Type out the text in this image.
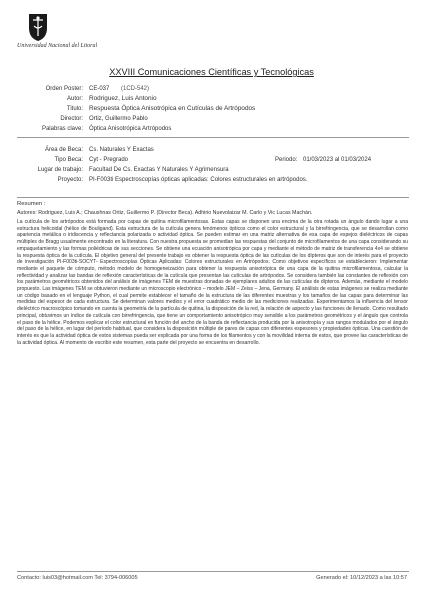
Universidad Nacional del Litoral
XXVIII Comunicaciones Científicas y Tecnológicas
Orden Poster: CE-037 (1CD-542)
Autor: Rodriguez, Luis Antonio
Titulo: Respuesta Óptica Anisotrópica en Cutículas de Artrópodos
Director: Ortiz, Guillermo Pablo
Palabras clave: Óptica Anisotrópica Artrópodos
Área de Beca: Cs. Naturales Y Exactas
Tipo Beca: Cyt - Pregrado	Periodo: 01/03/2023 al 01/03/2024
Lugar de trabajo: Facultad De Cs. Exactas Y Naturales Y Agrimensura
Proyecto: PI-F003ti Espectroscopías ópticas aplicadas: Colores estructurales en artrópodos.
Resumen :
Autores: Rodriguez, Luis A.; Chaushnas Ortiz, Guillermo P. (Director Beca). Adhirio Nuevolaizar M. Carlo y Vic Lucas Machán.
La cutícula de los artrópodos está formada por capas de quitina microfilamentosas. Estas capas se disponen una encima de la otra rotada un ángulo dando lugar a una estructura helicoidal (hélice de Bouligand). Esta estructura de la cutícula genera fenómenos ópticos como el color estructural y la birrefringencia, que se desarrollan como apariencia metálica o iridiscencia y reflectancia polarizada o actividad óptica. Se pueden estimar en una matriz alternativa de esa capa de espejos dieléctricos de capas múltiples de Bragg usualmente encontrado en la literatura. Con nuestra propuesta se promedian las respuestas del conjunto de microfilamentos de una capa considerando su empaquetamiento y las formas poliédricas de sus secciones. Se obtiene una ecuación anisotrópica por capa y mediante el método de matriz de transferencia 4x4 se obtiene la respuesta óptica de la cutícula. El objetivo general del presente trabajo es obtener la respuesta óptica de las cutículas de los dípteros que son de interés para el proyecto de investigación PI-F003ti-SOCYT- Espectroscopías Ópticas Aplicadas: Colores estructurales en Artrópodos. Como objetivos específicos se establecieron: Implementar mediante el paquete de cómputo, método modelo de homogeneización para obtener la respuesta anisotrópica de una capa de la quitina microfilamentosa, calcular la reflectividad y analizar las bandas de reflexión características de la cutícula que presentan las cutículas de artrópodos. Se considera también las constantes de reflexión con los parámetros geométricos obtenidos del análisis de imágenes TEM de muestras donadas de ejemplares adultos de las cutículas de dípteros. Además, mediante el modelo propuesto. Las imágenes TEM se obtuvieron mediante un microscopio electrónico – modelo JEM – Zeiss – Jena, Germany. El análisis de estas imágenes se realiza mediante un código basado en el lenguaje Python, el cual permite establecer el tamaño de la estructura de las diferentes muestras y los tamaños de las capas para determinar las medidas del espesor de cada estructura. Se determinan valores medios y el error cuadrático medio de las mediciones realizadas. Experimentamos la influencia del tensor dieléctrico macroscópico tomando en cuenta la geometría de la partícula de quitina, la disposición de la red, la relación de aspecto y las funciones de llenado. Como resultado principal, obtuvimos un índice de cutícula con birrefringencia, que tiene un comportamiento anisotrópico muy sensible a los parámetros geométricos y el ángulo que controla el paso de la hélice. Podemos explicar el color estructural en función del ancho de la banda de reflectancia producida por la anisotropía y sus rangos modulados por el ángulo del paso de la hélice, en lugar del período habitual, que considera la disposición múltiple de pares de capas con diferentes espesores y propiedades ópticas. Una cuestión de interés es que la actividad óptica de estos sistemas pueda ser explicada por una forma de los filamentos y con la movilidad interna de estos, que provee las características de la actividad óptica. Al momento de escribir este resumen, esta parte del proyecto se encuentra en desarrollo.
Contacto: luis03@hotmail.com Tel: 3794-006005	Generado el: 10/12/2023 a las 10:57
